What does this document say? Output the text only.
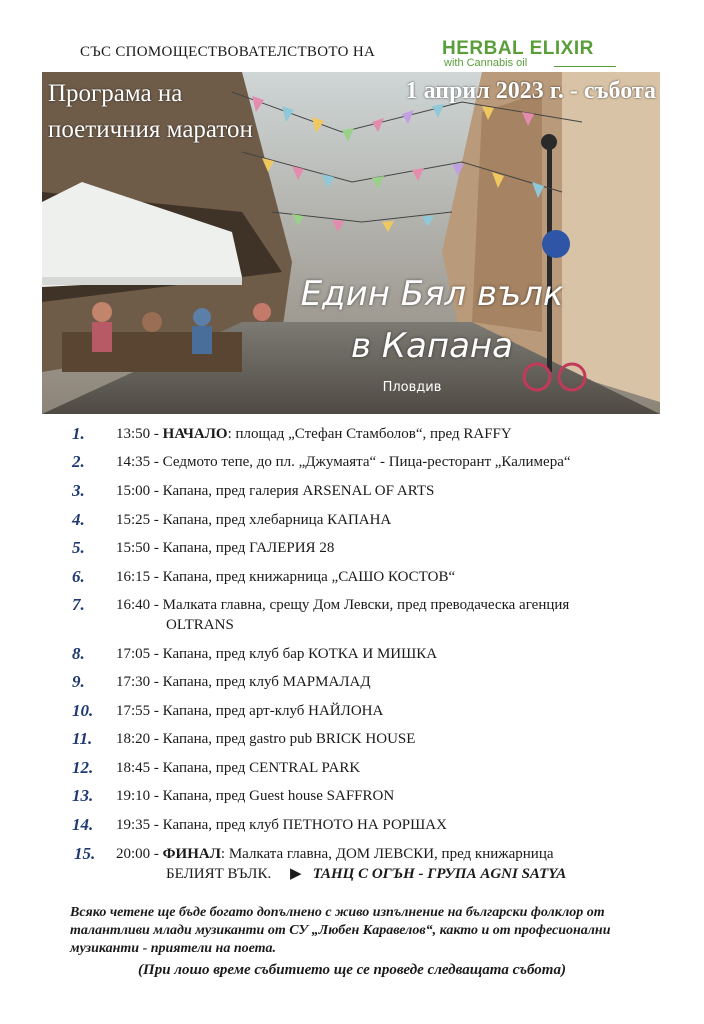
СЪС СПОМОЩЕСТВОВАТЕЛСТВОТО НА	HERBAL ELIXIR
with Cannabis oil
Програма на поетичния маратон
1 април 2023 г. - събота
Един Бял вълк
в Капана
Пловдив
1.	13:50 - НАЧАЛО: площад „Стефан Стамболов“, пред RAFFY
2.	14:35 - Седмото тепе, до пл. „Джумаята“ - Пица-ресторант „Калимера“
3.	15:00 - Капана, пред галерия ARSENAL OF ARTS
4.	15:25 - Капана, пред хлебарница КАПАНА
5.	15:50 - Капана, пред ГАЛЕРИЯ 28
6.	16:15 - Капана, пред книжарница „САШО КОСТОВ“
7.	16:40 - Малката главна, срещу Дом Левски, пред преводаческа агенция
OLTRANS
8.	17:05 - Капана, пред клуб бар КОТКА И МИШКА
9.	17:30 - Капана, пред клуб МАРМАЛАД
10.	17:55 - Капана, пред арт-клуб НАЙЛОНА
11.	18:20 - Капана, пред gastro pub BRICK HOUSE
12.	18:45 - Капана, пред CENTRAL PARK
13.	19:10 - Капана, пред Guest house SAFFRON
14.	19:35 - Капана, пред клуб ПЕТНОТО НА РОРШАХ
15.	20:00 - ФИНАЛ: Малката главна, ДОМ ЛЕВСКИ, пред книжарница
БЕЛИЯТ ВЪЛК. ▶ ТАНЦ С ОГЪН - ГРУПА AGNI SATYA
Всяко четене ще бъде богато допълнено с живо изпълнение на български фолклор от талантливи млади музиканти от СУ „Любен Каравелов“, както и от професионални музиканти - приятели на поета.
(При лошо време събитието ще се проведе следващата събота)
